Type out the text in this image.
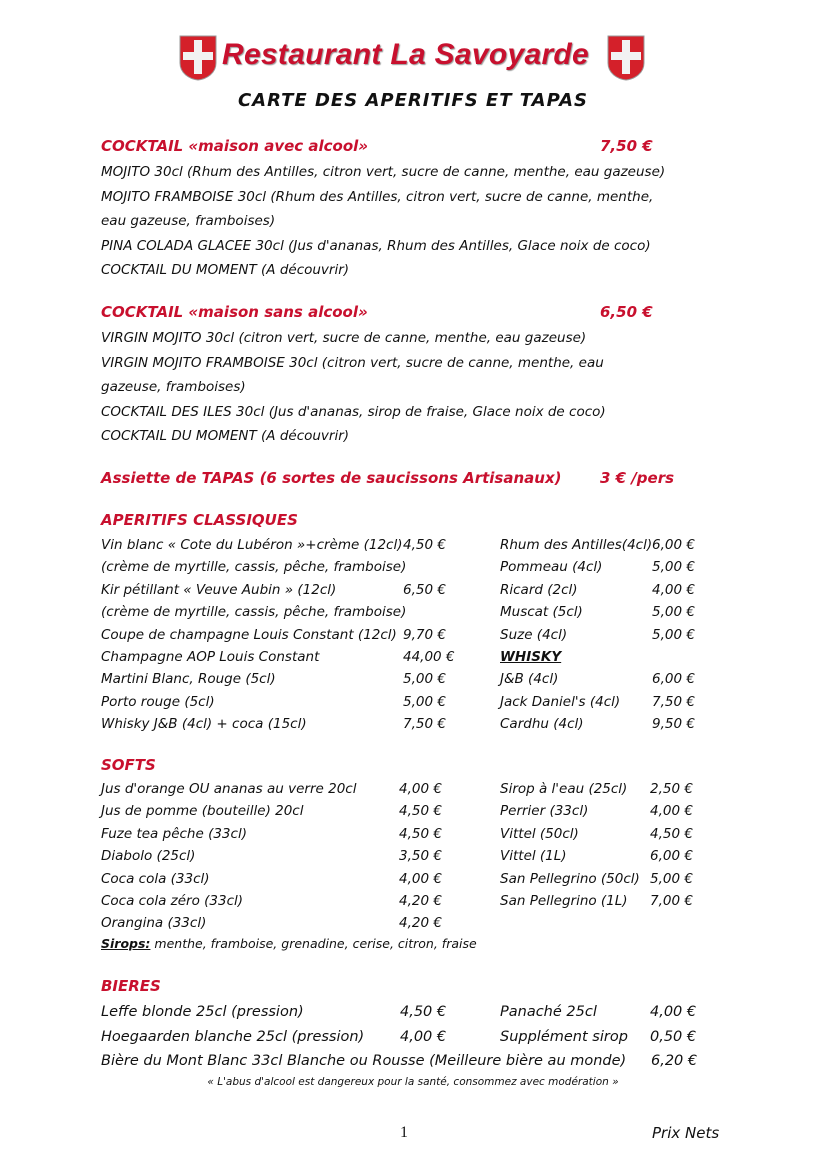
Restaurant La Savoyarde
CARTE DES APERITIFS ET TAPAS
COCKTAIL «maison avec alcool»	7,50 €
MOJITO 30cl (Rhum des Antilles, citron vert, sucre de canne, menthe, eau gazeuse)
MOJITO FRAMBOISE 30cl (Rhum des Antilles, citron vert, sucre de canne, menthe,
eau gazeuse, framboises)
PINA COLADA GLACEE 30cl (Jus d'ananas, Rhum des Antilles, Glace noix de coco)
COCKTAIL DU MOMENT (A découvrir)
COCKTAIL «maison sans alcool»	6,50 €
VIRGIN MOJITO 30cl (citron vert, sucre de canne, menthe, eau gazeuse)
VIRGIN MOJITO FRAMBOISE 30cl (citron vert, sucre de canne, menthe, eau
gazeuse, framboises)
COCKTAIL DES ILES 30cl (Jus d'ananas, sirop de fraise, Glace noix de coco)
COCKTAIL DU MOMENT (A découvrir)
Assiette de TAPAS (6 sortes de saucissons Artisanaux)	3 € /pers
APERITIFS CLASSIQUES
Vin blanc « Cote du Lubéron »+crème (12cl) 4,50 €	Rhum des Antilles(4cl) 6,00 €
(crème de myrtille, cassis, pêche, framboise)	Pommeau (4cl)	5,00 €
Kir pétillant « Veuve Aubin » (12cl)	6,50 €	Ricard (2cl)	4,00 €
(crème de myrtille, cassis, pêche, framboise)	Muscat (5cl)	5,00 €
Coupe de champagne Louis Constant (12cl) 9,70 €	Suze (4cl)	5,00 €
Champagne AOP Louis Constant	44,00 €	WHISKY
Martini Blanc, Rouge (5cl)	5,00 €	J&B (4cl)	6,00 €
Porto rouge (5cl)	5,00 €	Jack Daniel's (4cl) 7,50 €
Whisky J&B (4cl) + coca (15cl)	7,50 €	Cardhu (4cl)	9,50 €
SOFTS
Jus d'orange OU ananas au verre 20cl	4,00 €	Sirop à l'eau (25cl) 2,50 €
Jus de pomme (bouteille) 20cl	4,50 €	Perrier (33cl)	4,00 €
Fuze tea pêche (33cl)	4,50 €	Vittel (50cl)	4,50 €
Diabolo (25cl)	3,50 €	Vittel (1L)	6,00 €
Coca cola (33cl)	4,00 €	San Pellegrino (50cl) 5,00 €
Coca cola zéro (33cl)	4,20 €	San Pellegrino (1L) 7,00 €
Orangina (33cl)	4,20 €
Sirops: menthe, framboise, grenadine, cerise, citron, fraise
BIERES
Leffe blonde 25cl (pression)	4,50 €	Panaché 25cl	4,00 €
Hoegaarden blanche 25cl (pression) 4,00 €	Supplément sirop 0,50 €
Bière du Mont Blanc 33cl Blanche ou Rousse (Meilleure bière au monde) 6,20 €
« L'abus d'alcool est dangereux pour la santé, consommez avec modération »
1	Prix Nets
